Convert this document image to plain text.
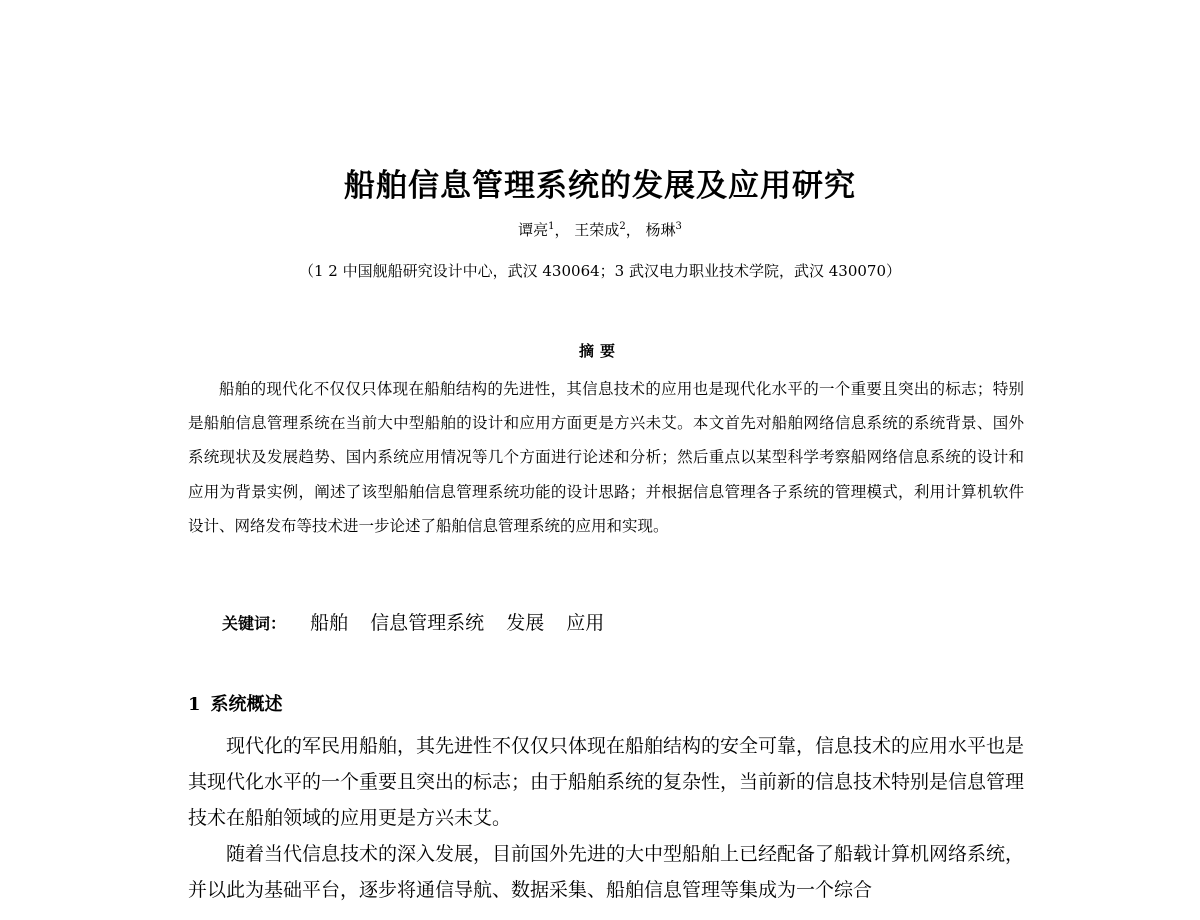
船舶信息管理系统的发展及应用研究
谭亮$^1$， 王荣成$^2$， 杨琳$^3$
（1 2 中国舰船研究设计中心，武汉 430064；3 武汉电力职业技术学院，武汉 430070）
摘要
船舶的现代化不仅仅只体现在船舶结构的先进性，其信息技术的应用也是现代化水平的一个重要且突出的标志；特别是船舶信息管理系统在当前大中型船舶的设计和应用方面更是方兴未艾。本文首先对船舶网络信息系统的系统背景、国外系统现状及发展趋势、国内系统应用情况等几个方面进行论述和分析；然后重点以某型科学考察船网络信息系统的设计和应用为背景实例，阐述了该型船舶信息管理系统功能的设计思路；并根据信息管理各子系统的管理模式，利用计算机软件设计、网络发布等技术进一步论述了船舶信息管理系统的应用和实现。
关键词： 船舶 信息管理系统 发展 应用
1 系统概述

现代化的军民用船舶，其先进性不仅仅只体现在船舶结构的安全可靠，信息技术的应用水平也是其现代化水平的一个重要且突出的标志；由于船舶系统的复杂性，当前新的信息技术特别是信息管理技术在船舶领域的应用更是方兴未艾。

随着当代信息技术的深入发展，目前国外先进的大中型船舶上已经配备了船载计算机网络系统，并以此为基础平台，逐步将通信导航、数据采集、船舶信息管理等集成为一个综合
